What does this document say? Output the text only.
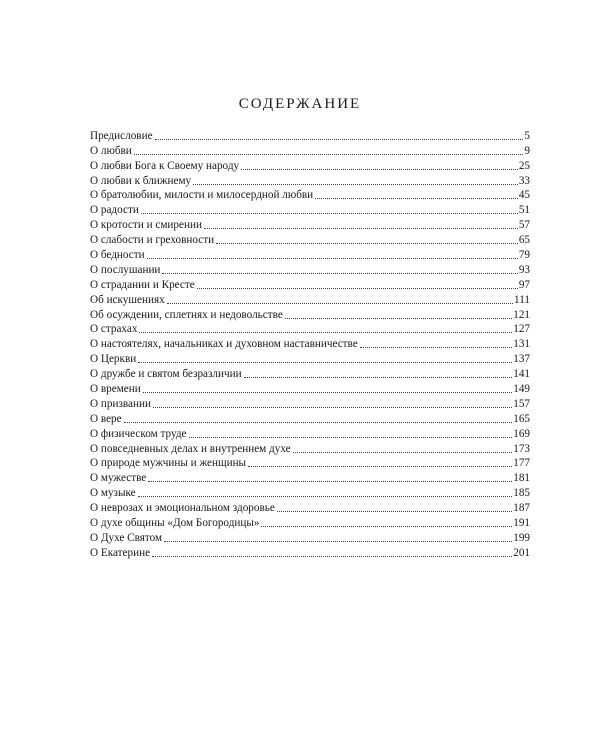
СОДЕРЖАНИЕ
Предисловие	5
О любви	9
О любви Бога к Своему народу	25
О любви к ближнему	33
О братолюбии, милости и милосердной любви	45
О радости	51
О кротости и смирении	57
О слабости и греховности	65
О бедности	79
О послушании	93
О страдании и Кресте	97
Об искушениях	111
Об осуждении, сплетнях и недовольстве	121
О страхах	127
О настоятелях, начальниках и духовном наставничестве	131
О Церкви	137
О дружбе и святом безразличии	141
О времени	149
О призвании	157
О вере	165
О физическом труде	169
О повседневных делах и внутреннем духе	173
О природе мужчины и женщины	177
О мужестве	181
О музыке	185
О неврозах и эмоциональном здоровье	187
О духе общины «Дом Богородицы»	191
О Духе Святом	199
О Екатерине	201
